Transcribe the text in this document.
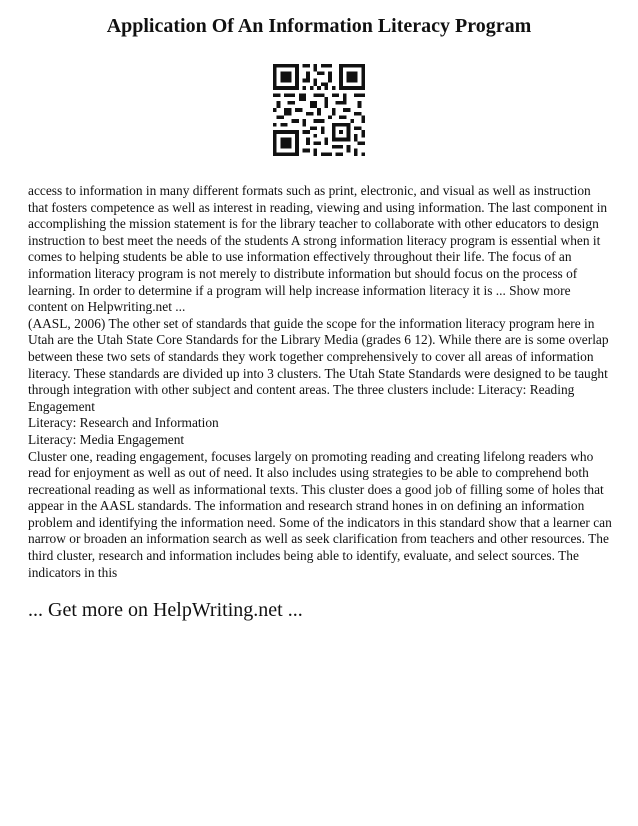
Application Of An Information Literacy Program

access to information in many different formats such as print, electronic, and visual as well as instruction that fosters competence as well as interest in reading, viewing and using information. The last component in accomplishing the mission statement is for the library teacher to collaborate with other educators to design instruction to best meet the needs of the students A strong information literacy program is essential when it comes to helping students be able to use information effectively throughout their life. The focus of an information literacy program is not merely to distribute information but should focus on the process of learning. In order to determine if a program will help increase information literacy it is ... Show more content on Helpwriting.net ...

(AASL, 2006) The other set of standards that guide the scope for the information literacy program here in Utah are the Utah State Core Standards for the Library Media (grades 6 12). While there are is some overlap between these two sets of standards they work together comprehensively to cover all areas of information literacy. These standards are divided up into 3 clusters. The Utah State Standards were designed to be taught through integration with other subject and content areas. The three clusters include: Literacy: Reading Engagement

Literacy: Research and Information

Literacy: Media Engagement

Cluster one, reading engagement, focuses largely on promoting reading and creating lifelong readers who read for enjoyment as well as out of need. It also includes using strategies to be able to comprehend both recreational reading as well as informational texts. This cluster does a good job of filling some of holes that appear in the AASL standards. The information and research strand hones in on defining an information problem and identifying the information need. Some of the indicators in this standard show that a learner can narrow or broaden an information search as well as seek clarification from teachers and other resources. The third cluster, research and information includes being able to identify, evaluate, and select sources. The indicators in this

... Get more on HelpWriting.net ...
